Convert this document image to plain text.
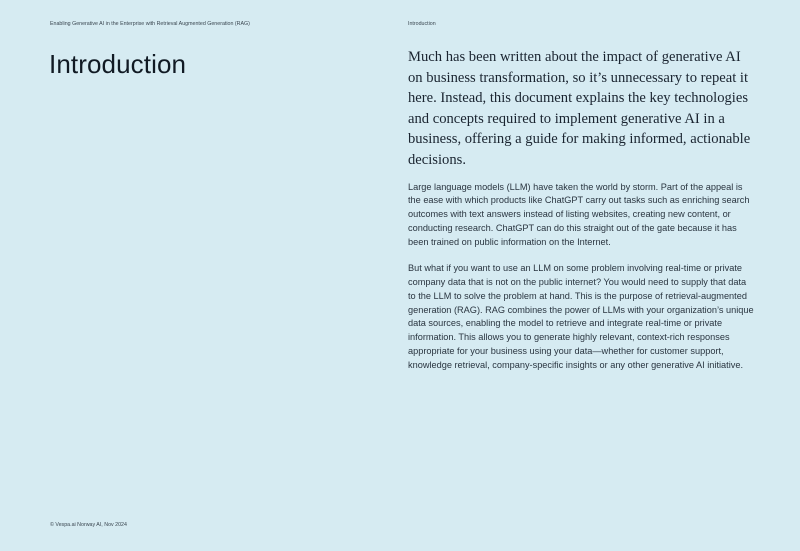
Enabling Generative AI in the Enterprise with Retrieval Augmented Generation (RAG)	Introduction
Introduction	Much has been written about the impact of generative AI on business transformation, so it’s unnecessary to repeat it here. Instead, this document explains the key technologies and concepts required to implement generative AI in a business, offering a guide for making informed, actionable decisions.

Large language models (LLM) have taken the world by storm. Part of the appeal is the ease with which products like ChatGPT carry out tasks such as enriching search outcomes with text answers instead of listing websites, creating new content, or conducting research. ChatGPT can do this straight out of the gate because it has been trained on public information on the Internet.

But what if you want to use an LLM on some problem involving real-time or private company data that is not on the public internet? You would need to supply that data to the LLM to solve the problem at hand. This is the purpose of retrieval-augmented generation (RAG). RAG combines the power of LLMs with your organization’s unique data sources, enabling the model to retrieve and integrate real-time or private information. This allows you to generate highly relevant, context-rich responses appropriate for your business using your data—whether for customer support, knowledge retrieval, company-specific insights or any other generative AI initiative.

© Vespa.ai Norway AI, Nov 2024
